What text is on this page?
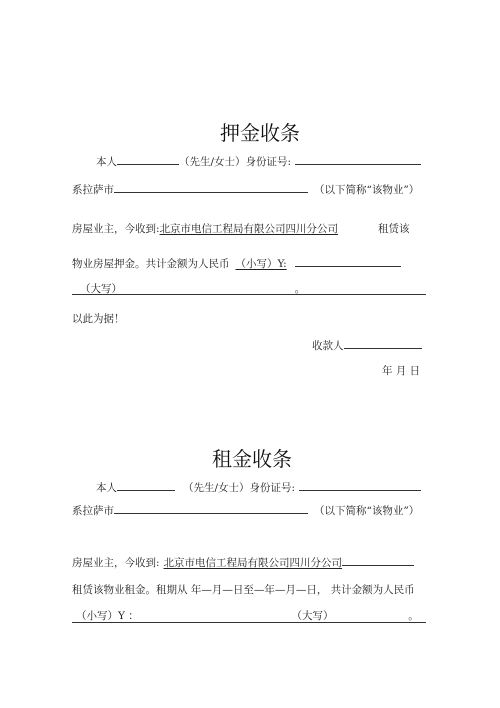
押金收条
本人	（先生/女士）身份证号:
系拉萨市	（以下简称“该物业”）
房屋业主，今收到:北京市电信工程局有限公司四川分公司	租赁该
物业房屋押金。共计金额为人民币 （小写）Y:
（大写）	。
以此为据！
收款人
年 月 日
租金收条
本人	（先生/女士）身份证号:
系拉萨市	（以下简称“该物业”）
房屋业主，今收到: 北京市电信工程局有限公司四川分公司
租赁该物业租金。租期从 年—月—日至—年—月—日， 共计金额为人民币
（小写）Y ：	（大写）	。
